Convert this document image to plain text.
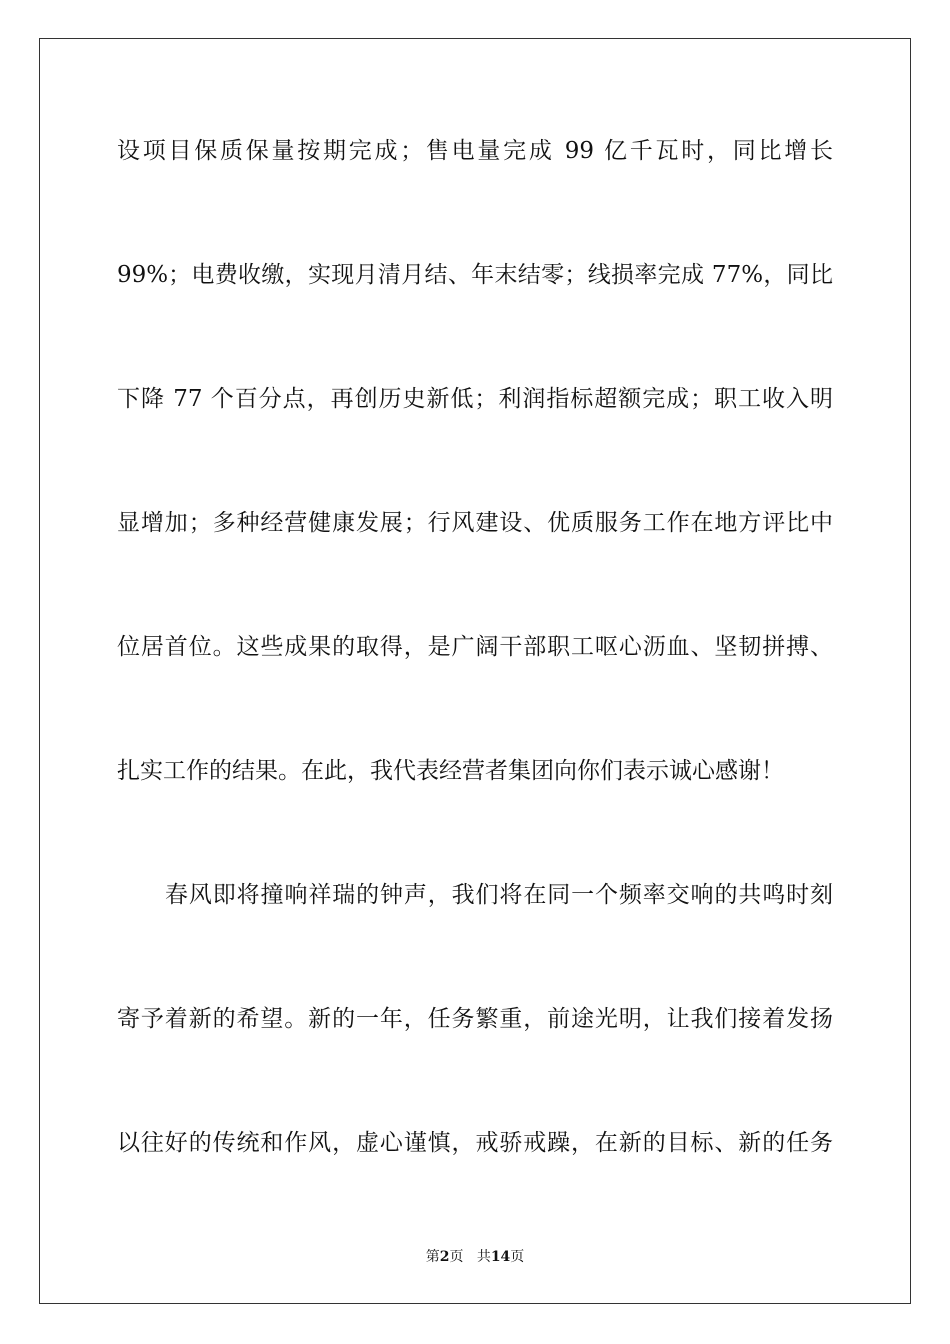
设项目保质保量按期完成；售电量完成 99 亿千瓦时，同比增长
99%；电费收缴，实现月清月结、年末结零；线损率完成 77%，同比
下降 77 个百分点，再创历史新低；利润指标超额完成；职工收入明
显增加；多种经营健康发展；行风建设、优质服务工作在地方评比中
位居首位。这些成果的取得，是广阔干部职工呕心沥血、坚韧拼搏、
扎实工作的结果。在此，我代表经营者集团向你们表示诚心感谢！
春风即将撞响祥瑞的钟声，我们将在同一个频率交响的共鸣时刻
寄予着新的希望。新的一年，任务繁重，前途光明，让我们接着发扬
以往好的传统和作风，虚心谨慎，戒骄戒躁，在新的目标、新的任务
第2页 共14页
